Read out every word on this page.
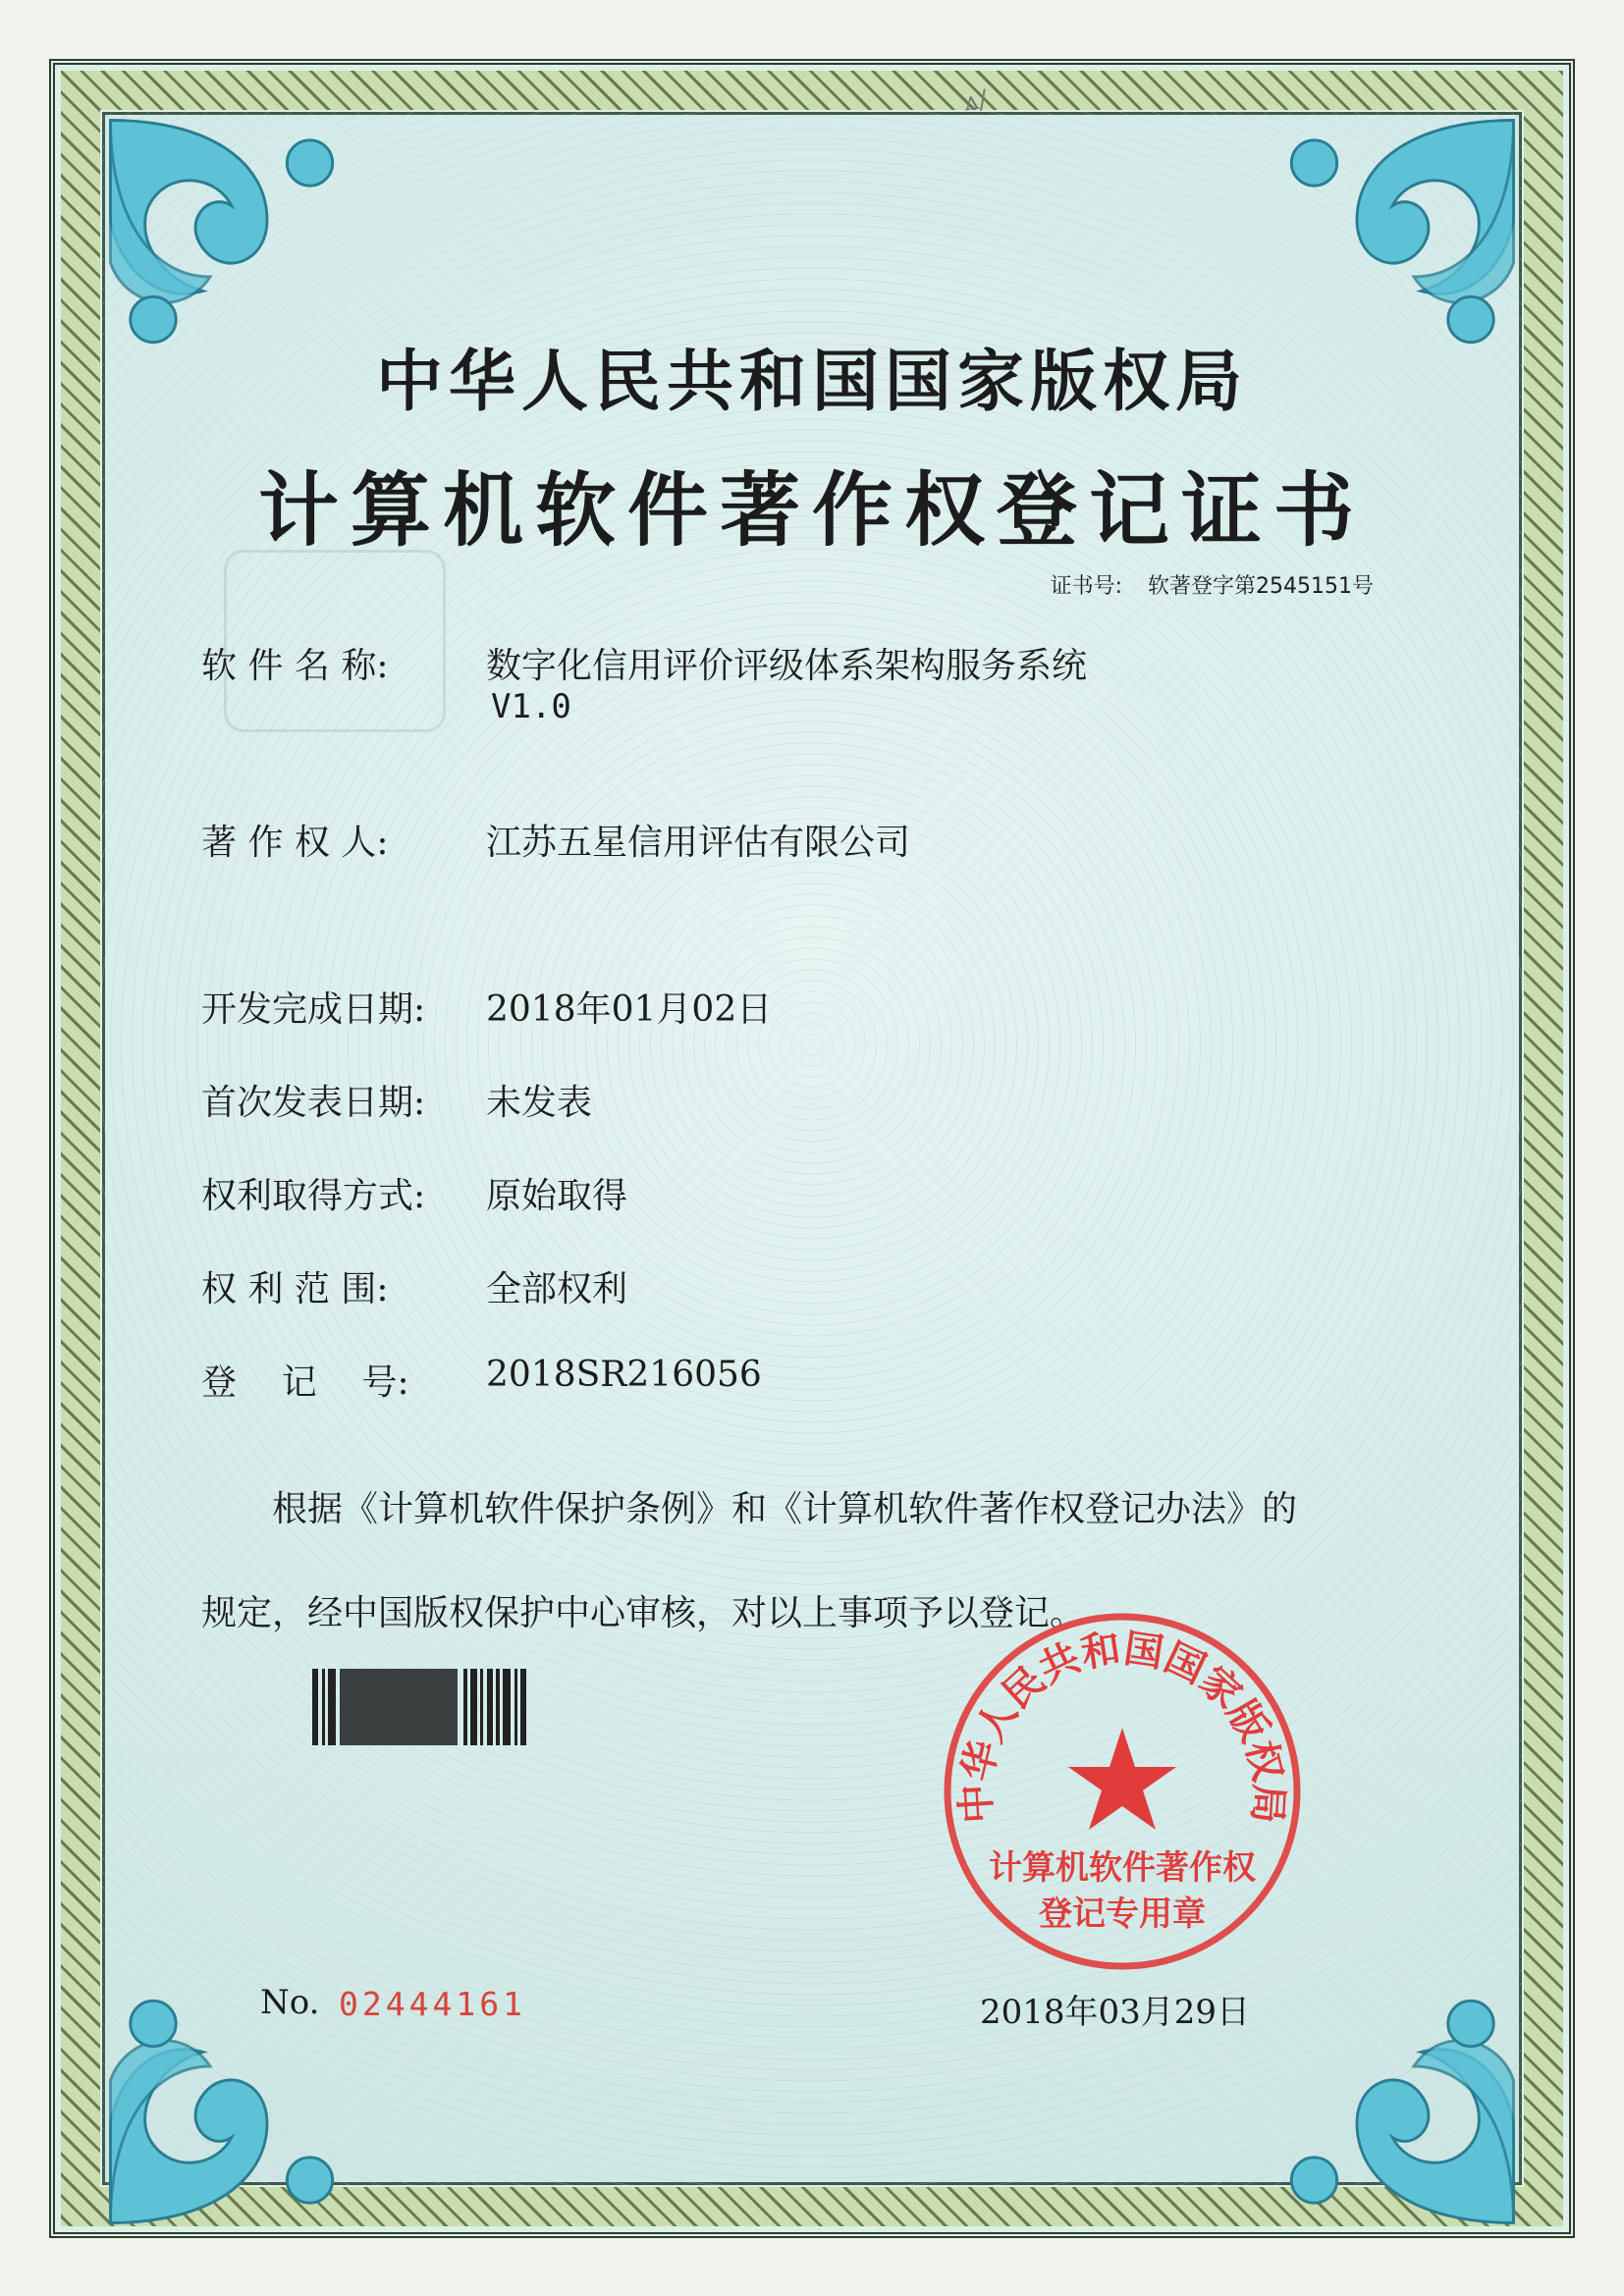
ʌ/
中华人民共和国国家版权局
计算机软件著作权登记证书
证书号: 软著登字第2545151号
软 件 名 称:	数字化信用评价评级体系架构服务系统
V1.0
著 作 权 人:	江苏五星信用评估有限公司
开发完成日期:	2018年01月02日
首次发表日期:	未发表
权利取得方式:	原始取得
权 利 范 围:	全部权利
登    记    号:	2018SR216056
根据《计算机软件保护条例》和《计算机软件著作权登记办法》的
规定，经中国版权保护中心审核，对以上事项予以登记。
中华人民共和国国家版权局
计算机软件著作权
登记专用章
No. 02444161	2018年03月29日
